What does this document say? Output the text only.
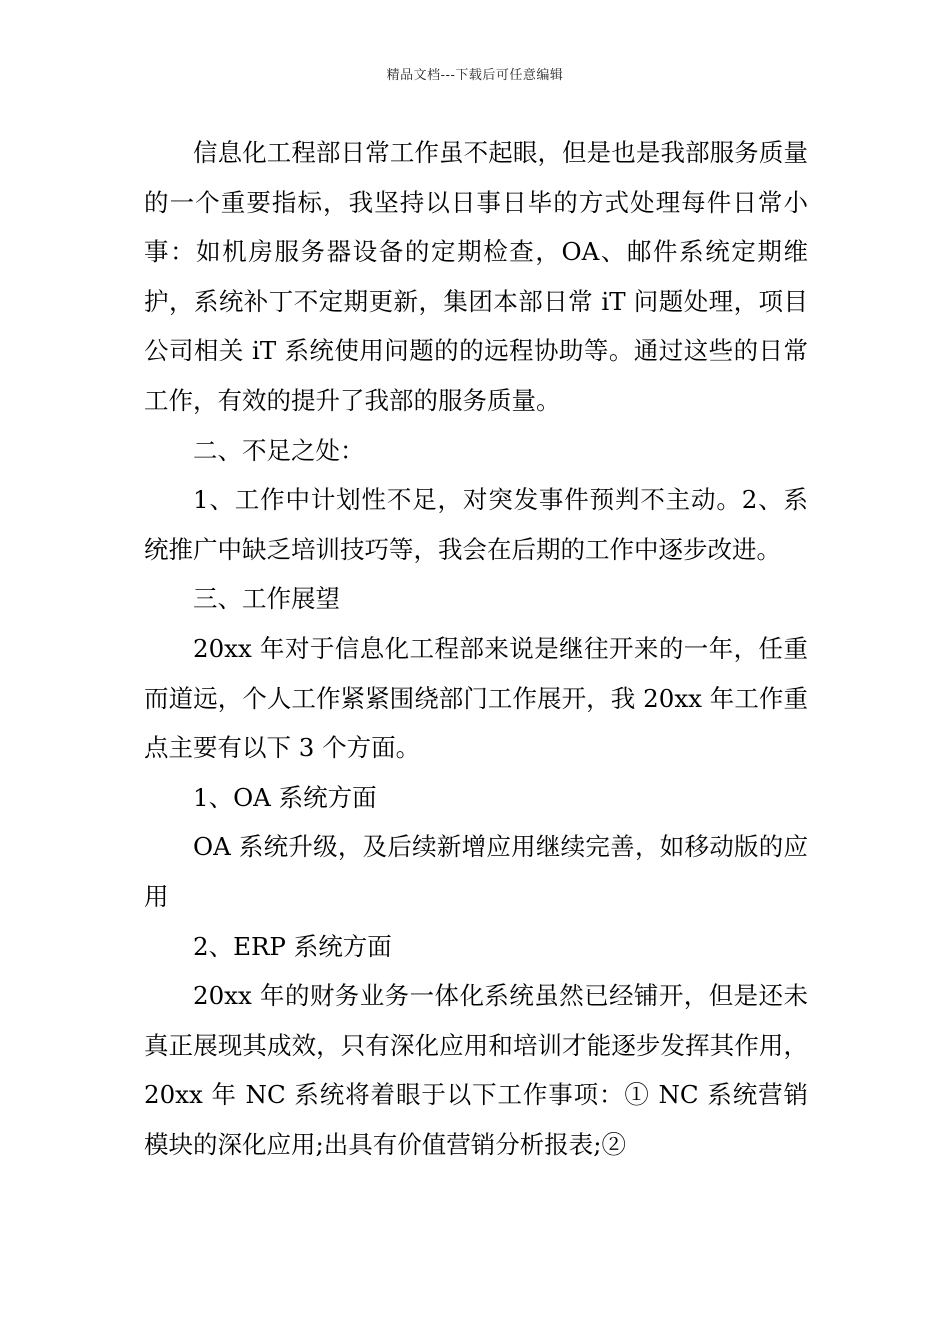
精品文档---下载后可任意编辑

信息化工程部日常工作虽不起眼，但是也是我部服务质量的一个重要指标，我坚持以日事日毕的方式处理每件日常小事：如机房服务器设备的定期检查，OA、邮件系统定期维护，系统补丁不定期更新，集团本部日常 iT 问题处理，项目公司相关 iT 系统使用问题的的远程协助等。通过这些的日常工作，有效的提升了我部的服务质量。

二、不足之处：

1、工作中计划性不足，对突发事件预判不主动。2、系统推广中缺乏培训技巧等，我会在后期的工作中逐步改进。

三、工作展望

20xx 年对于信息化工程部来说是继往开来的一年，任重而道远，个人工作紧紧围绕部门工作展开，我 20xx 年工作重点主要有以下 3 个方面。

1、OA 系统方面

OA 系统升级，及后续新增应用继续完善，如移动版的应用

2、ERP 系统方面

20xx 年的财务业务一体化系统虽然已经铺开，但是还未真正展现其成效，只有深化应用和培训才能逐步发挥其作用，20xx 年 NC 系统将着眼于以下工作事项：① NC 系统营销模块的深化应用;出具有价值营销分析报表;②
